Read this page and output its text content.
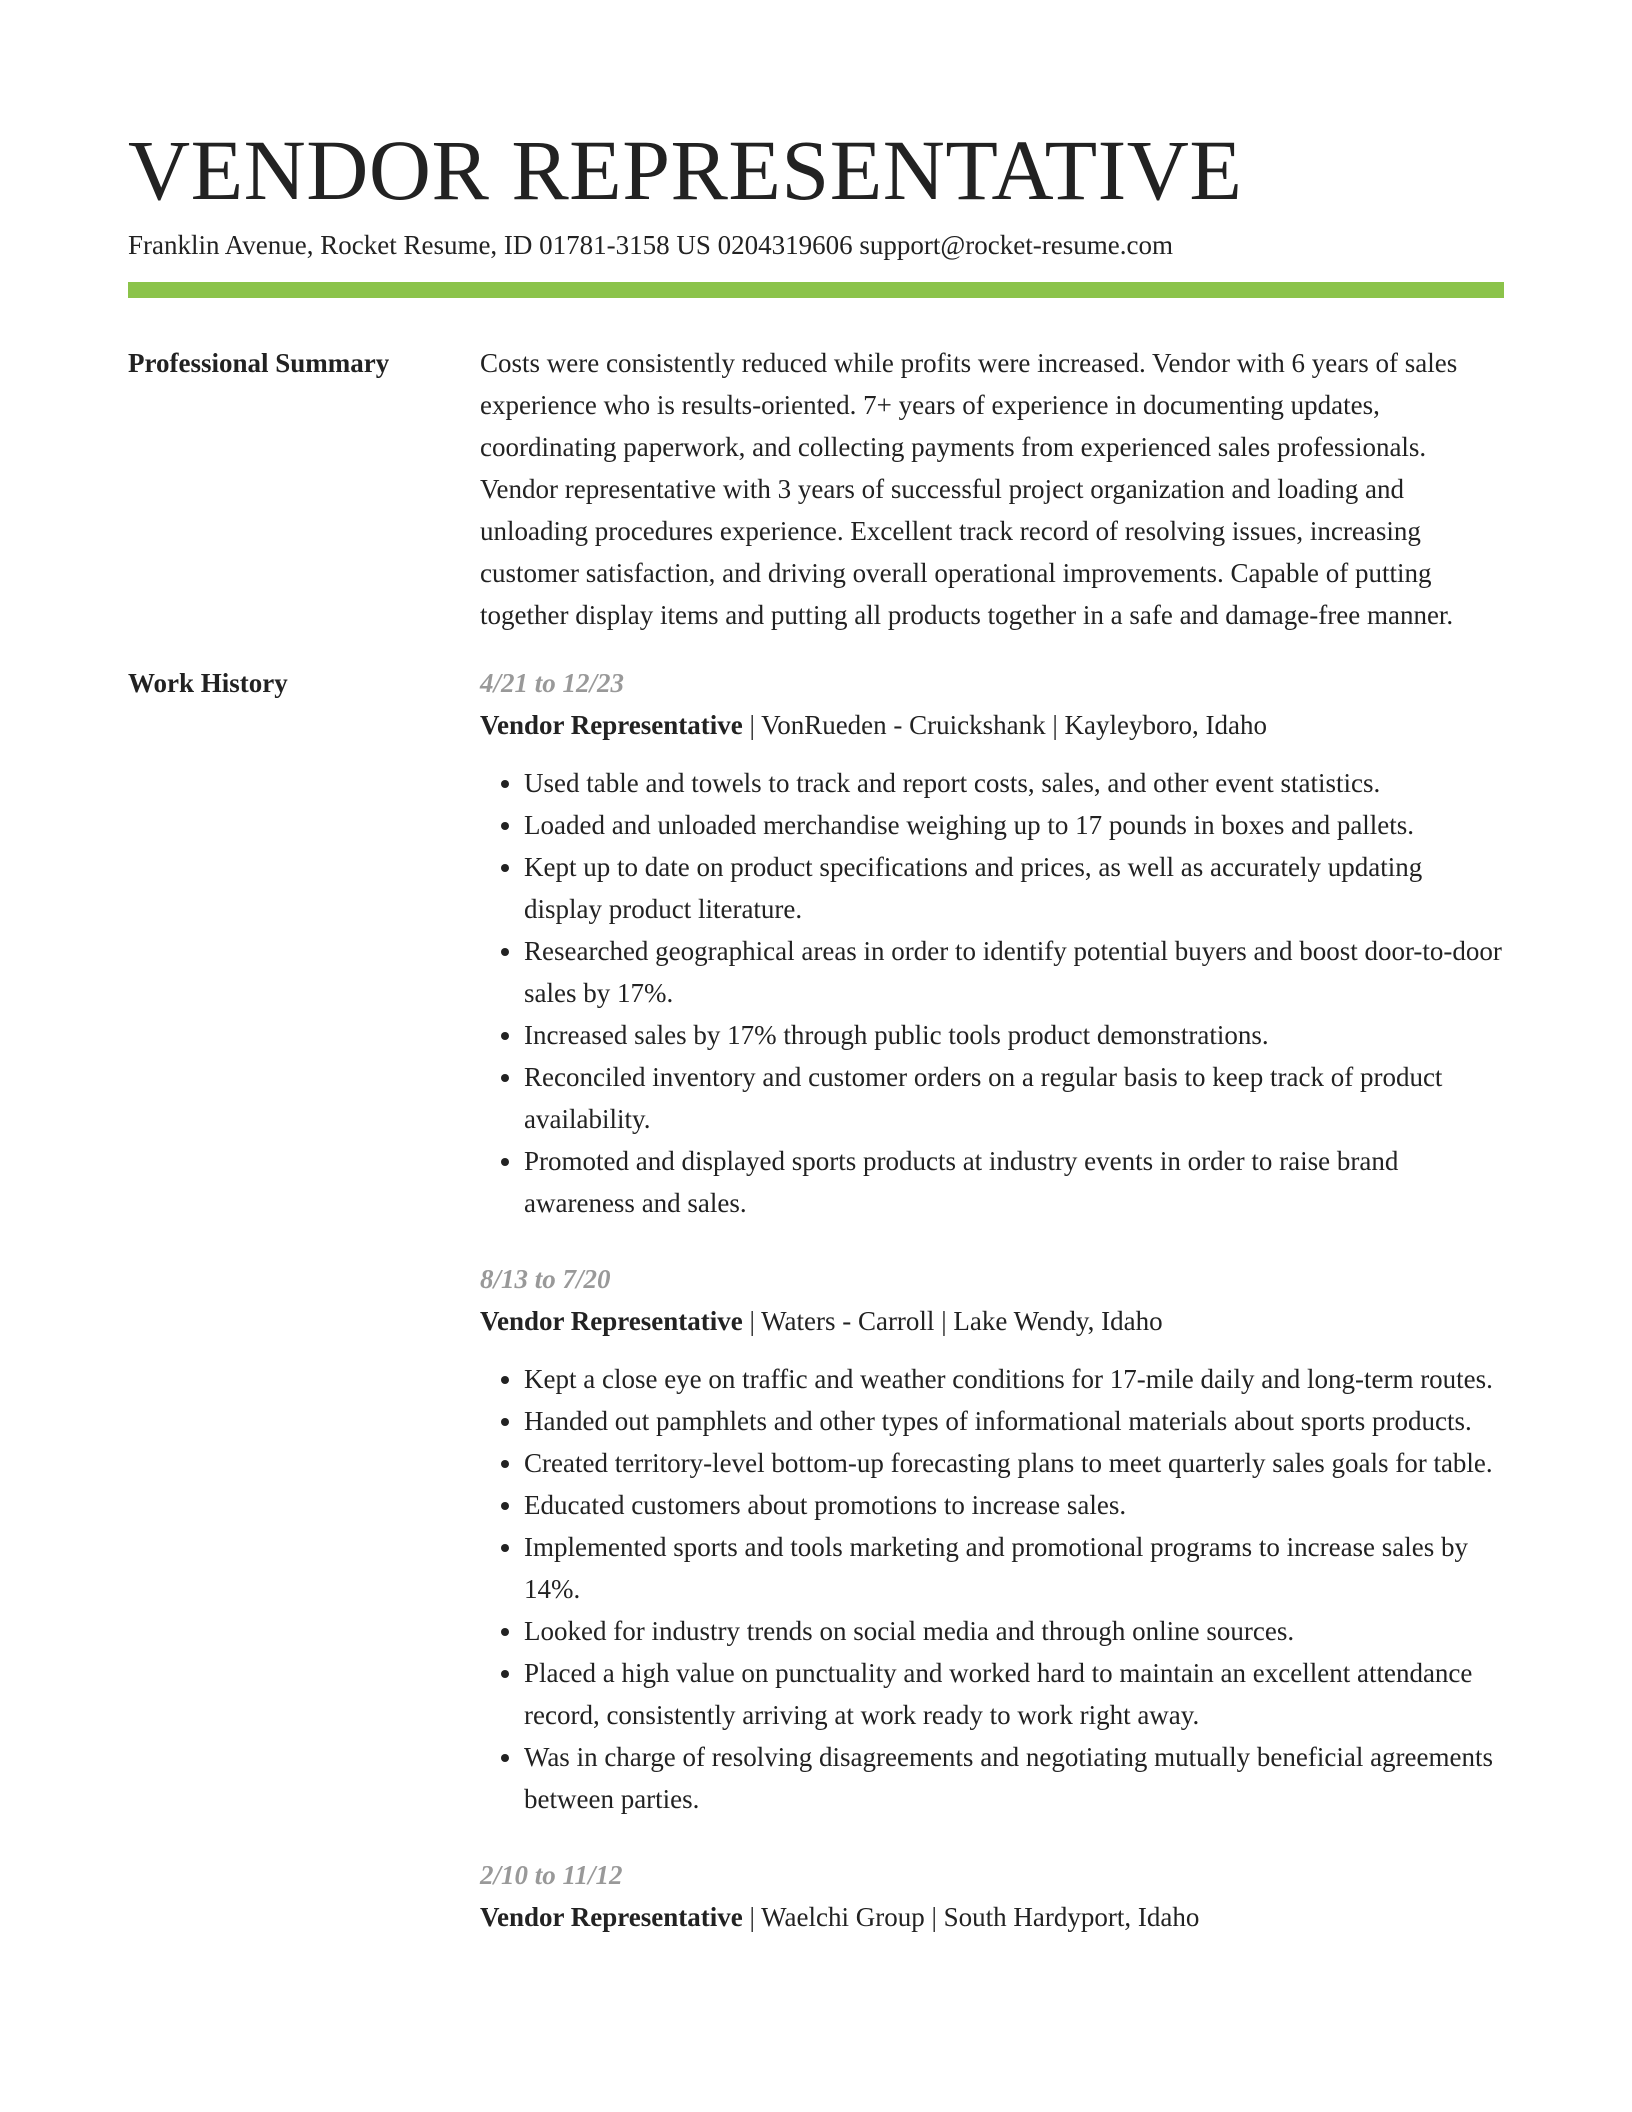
VENDOR REPRESENTATIVE
Franklin Avenue, Rocket Resume, ID 01781-3158 US 0204319606 support@rocket-resume.com
Professional Summary	Costs were consistently reduced while profits were increased. Vendor with 6 years of sales experience who is results-oriented. 7+ years of experience in documenting updates, coordinating paperwork, and collecting payments from experienced sales professionals. Vendor representative with 3 years of successful project organization and loading and unloading procedures experience. Excellent track record of resolving issues, increasing customer satisfaction, and driving overall operational improvements. Capable of putting together display items and putting all products together in a safe and damage-free manner.

Work History	4/21 to 12/23
Vendor Representative | VonRueden - Cruickshank | Kayleyboro, Idaho
• Used table and towels to track and report costs, sales, and other event statistics.
• Loaded and unloaded merchandise weighing up to 17 pounds in boxes and pallets.
• Kept up to date on product specifications and prices, as well as accurately updating display product literature.
• Researched geographical areas in order to identify potential buyers and boost door-to-door sales by 17%.
• Increased sales by 17% through public tools product demonstrations.
• Reconciled inventory and customer orders on a regular basis to keep track of product availability.
• Promoted and displayed sports products at industry events in order to raise brand awareness and sales.
8/13 to 7/20
Vendor Representative | Waters - Carroll | Lake Wendy, Idaho
• Kept a close eye on traffic and weather conditions for 17-mile daily and long-term routes.
• Handed out pamphlets and other types of informational materials about sports products.
• Created territory-level bottom-up forecasting plans to meet quarterly sales goals for table.
• Educated customers about promotions to increase sales.
• Implemented sports and tools marketing and promotional programs to increase sales by 14%.
• Looked for industry trends on social media and through online sources.
• Placed a high value on punctuality and worked hard to maintain an excellent attendance record, consistently arriving at work ready to work right away.
• Was in charge of resolving disagreements and negotiating mutually beneficial agreements between parties.
2/10 to 11/12
Vendor Representative | Waelchi Group | South Hardyport, Idaho
